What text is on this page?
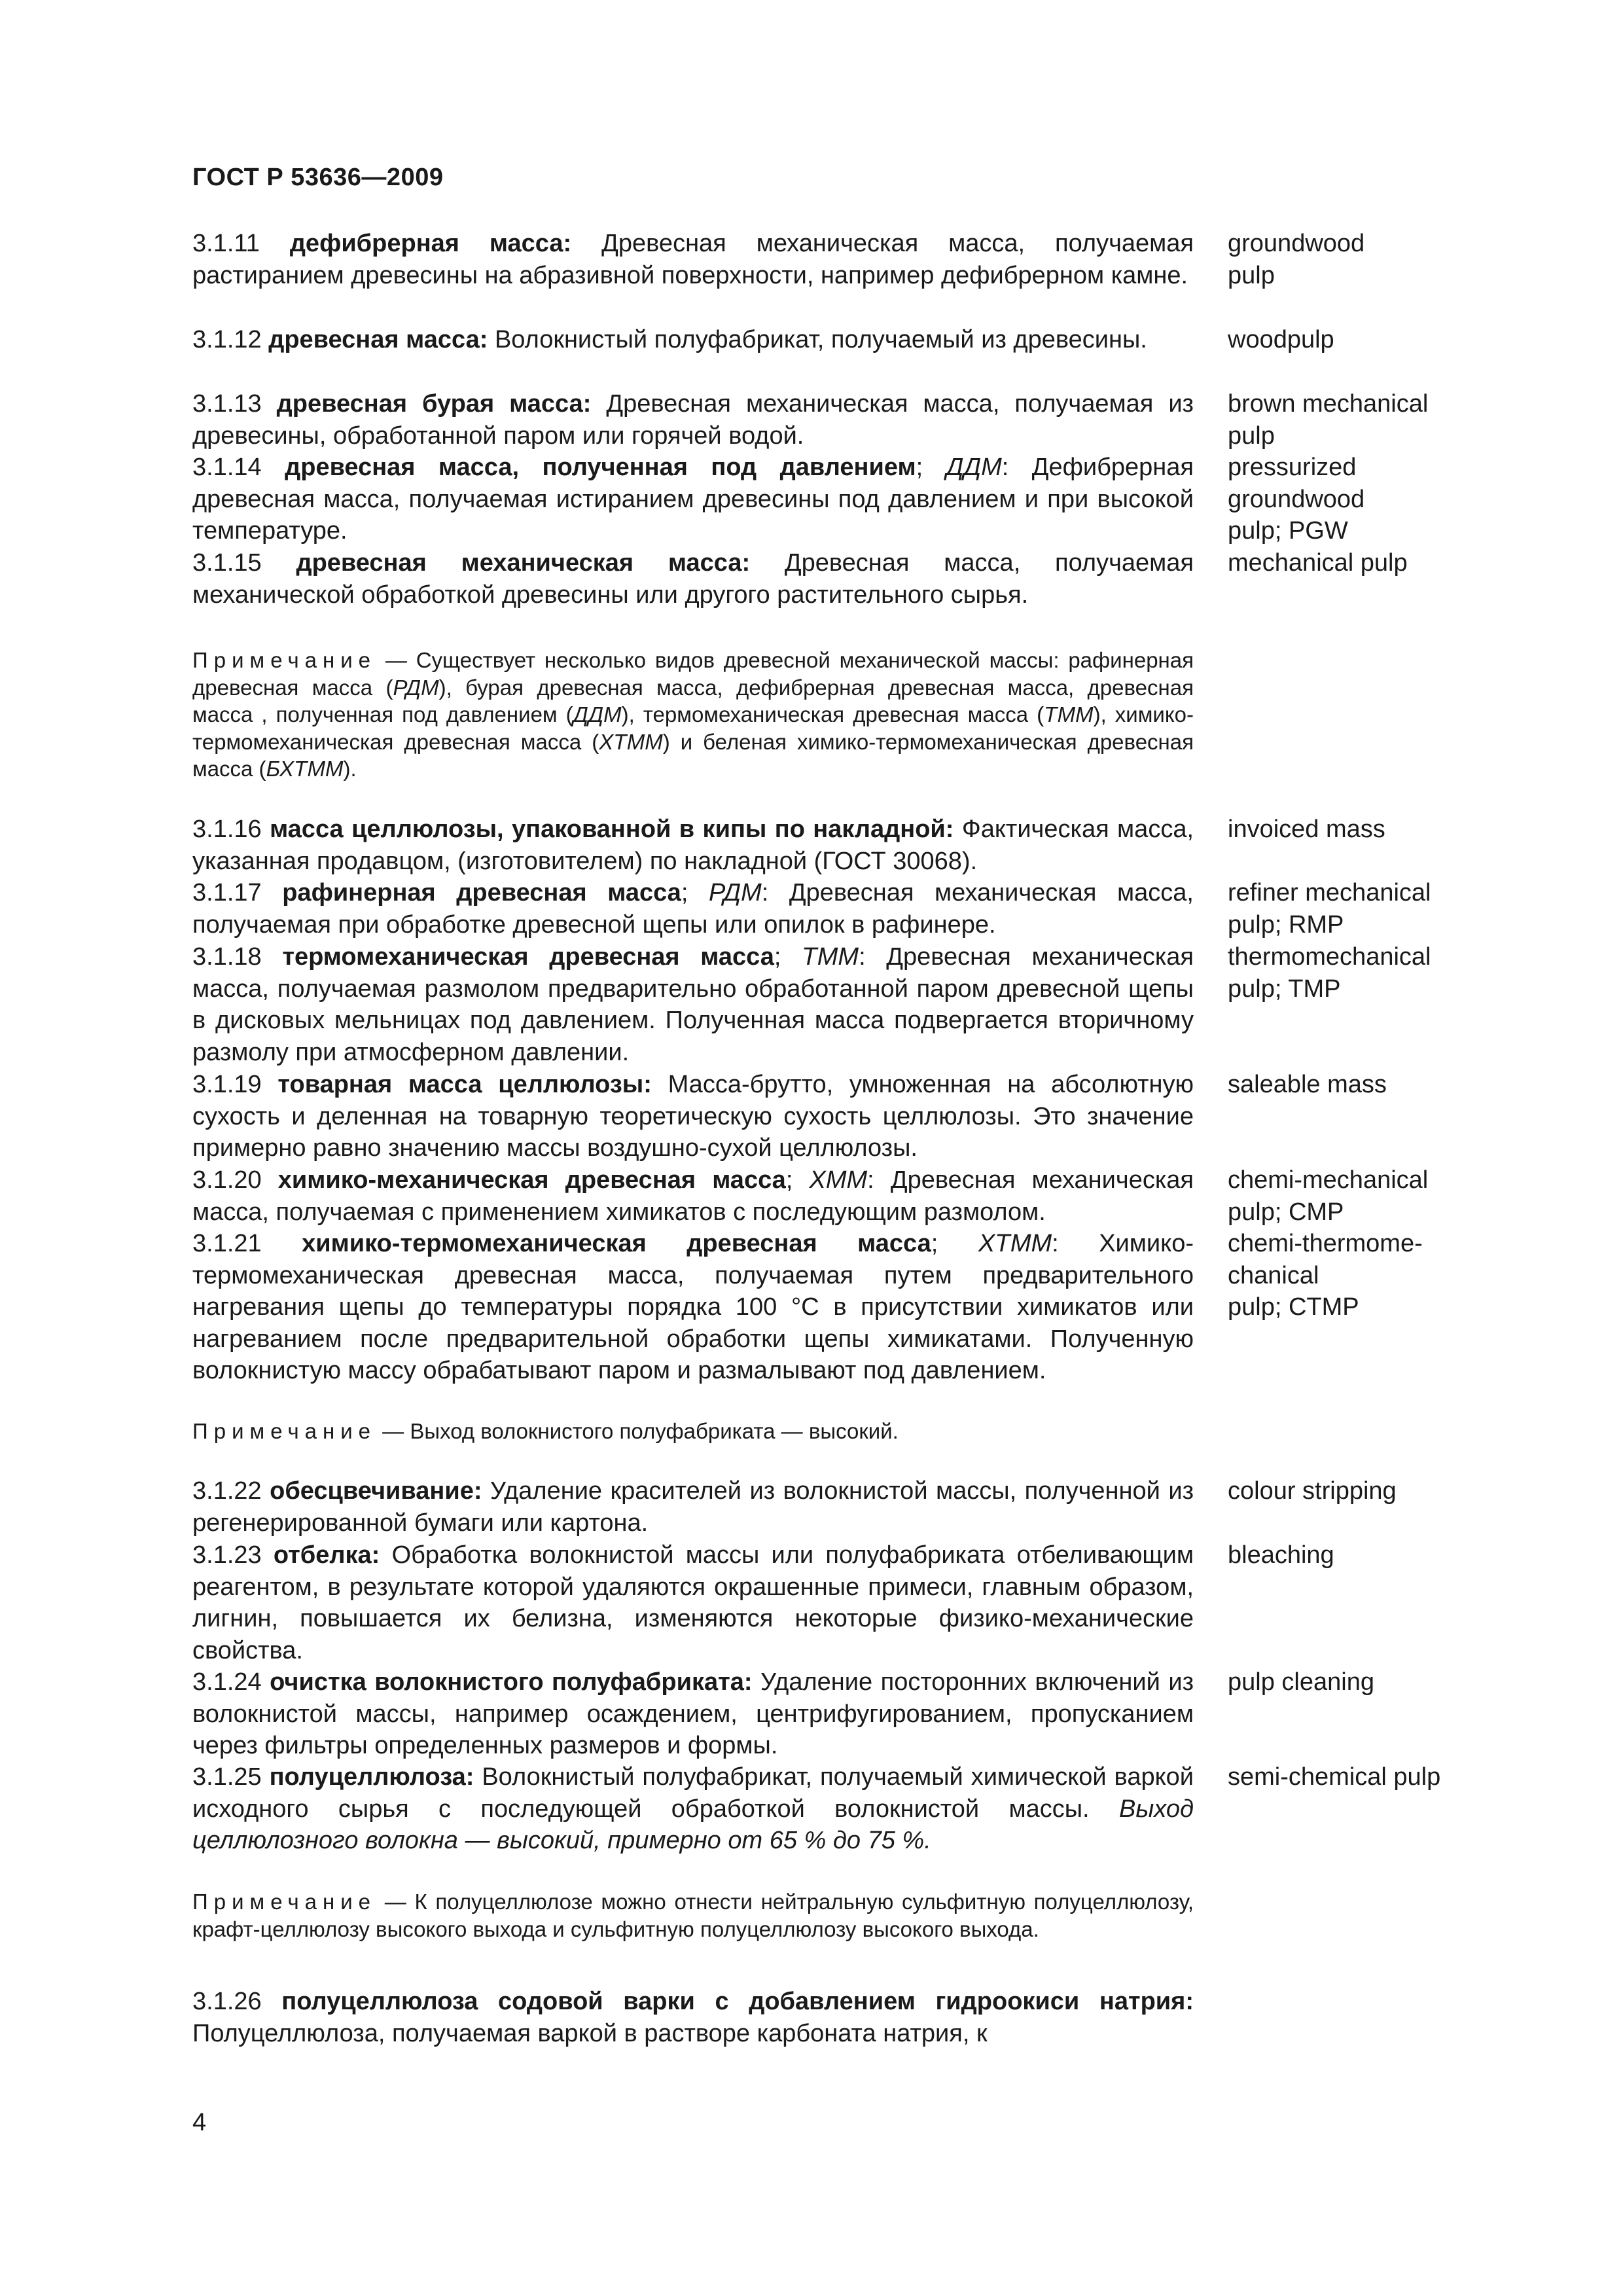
ГОСТ Р 53636—2009
3.1.11 дефибрерная масса: Древесная механическая масса, получаемая растиранием древесины на абразивной поверхности, например дефибрерном камне.
groundwood
pulp
3.1.12 древесная масса: Волокнистый полуфабрикат, получаемый из древесины.	woodpulp
3.1.13 древесная бурая масса: Древесная механическая масса, получаемая из древесины, обработанной паром или горячей водой.
brown mechanical
pulp
3.1.14 древесная масса, полученная под давлением; ДДМ: Дефибрерная древесная масса, получаемая истиранием древесины под давлением и при высокой температуре.
pressurized
groundwood
pulp; PGW
3.1.15 древесная механическая масса: Древесная масса, получаемая механической обработкой древесины или другого растительного сырья.
mechanical pulp
Примечание — Существует несколько видов древесной механической массы: рафинерная древесная масса (РДМ), бурая древесная масса, дефибрерная древесная масса, древесная масса , полученная под давлением (ДДМ), термомеханическая древесная масса (ТММ), химико-термомеханическая древесная масса (ХТММ) и беленая химико-термомеханическая древесная масса (БХТММ).
3.1.16 масса целлюлозы, упакованной в кипы по накладной: Фактическая масса, указанная продавцом, (изготовителем) по накладной (ГОСТ 30068).
invoiced mass
3.1.17 рафинерная древесная масса; РДМ: Древесная механическая масса, получаемая при обработке древесной щепы или опилок в рафинере.
refiner mechanical
pulp; RMP
3.1.18 термомеханическая древесная масса; ТММ: Древесная механическая масса, получаемая размолом предварительно обработанной паром древесной щепы в дисковых мельницах под давлением. Полученная масса подвергается вторичному размолу при атмосферном давлении.
thermomechanical
pulp; TMP
3.1.19 товарная масса целлюлозы: Масса-брутто, умноженная на абсолютную сухость и деленная на товарную теоретическую сухость целлюлозы. Это значение примерно равно значению массы воздушно-сухой целлюлозы.
saleable mass
3.1.20 химико-механическая древесная масса; ХММ: Древесная механическая масса, получаемая с применением химикатов с последующим размолом.
chemi-mechanical
pulp; CMP
3.1.21 химико-термомеханическая древесная масса; ХТММ: Химико-термомеханическая древесная масса, получаемая путем предварительного нагревания щепы до температуры порядка 100 °С в присутствии химикатов или нагреванием после предварительной обработки щепы химикатами. Полученную волокнистую массу обрабатывают паром и размалывают под давлением.
chemi-thermome-
chanical
pulp; CTMP
Примечание — Выход волокнистого полуфабриката — высокий.
3.1.22 обесцвечивание: Удаление красителей из волокнистой массы, полученной из регенерированной бумаги или картона.
colour stripping
3.1.23 отбелка: Обработка волокнистой массы или полуфабриката отбеливающим реагентом, в результате которой удаляются окрашенные примеси, главным образом, лигнин, повышается их белизна, изменяются некоторые физико-механические свойства.
bleaching
3.1.24 очистка волокнистого полуфабриката: Удаление посторонних включений из волокнистой массы, например осаждением, центрифугированием, пропусканием через фильтры определенных размеров и формы.
pulp cleaning
3.1.25 полуцеллюлоза: Волокнистый полуфабрикат, получаемый химической варкой исходного сырья с последующей обработкой волокнистой массы. Выход целлюлозного волокна — высокий, примерно от 65 % до 75 %.
semi-chemical pulp
Примечание — К полуцеллюлозе можно отнести нейтральную сульфитную полуцеллюлозу, крафт-целлюлозу высокого выхода и сульфитную полуцеллюлозу высокого выхода.
3.1.26 полуцеллюлоза содовой варки с добавлением гидроокиси натрия: Полуцеллюлоза, получаемая варкой в растворе карбоната натрия, к
4
